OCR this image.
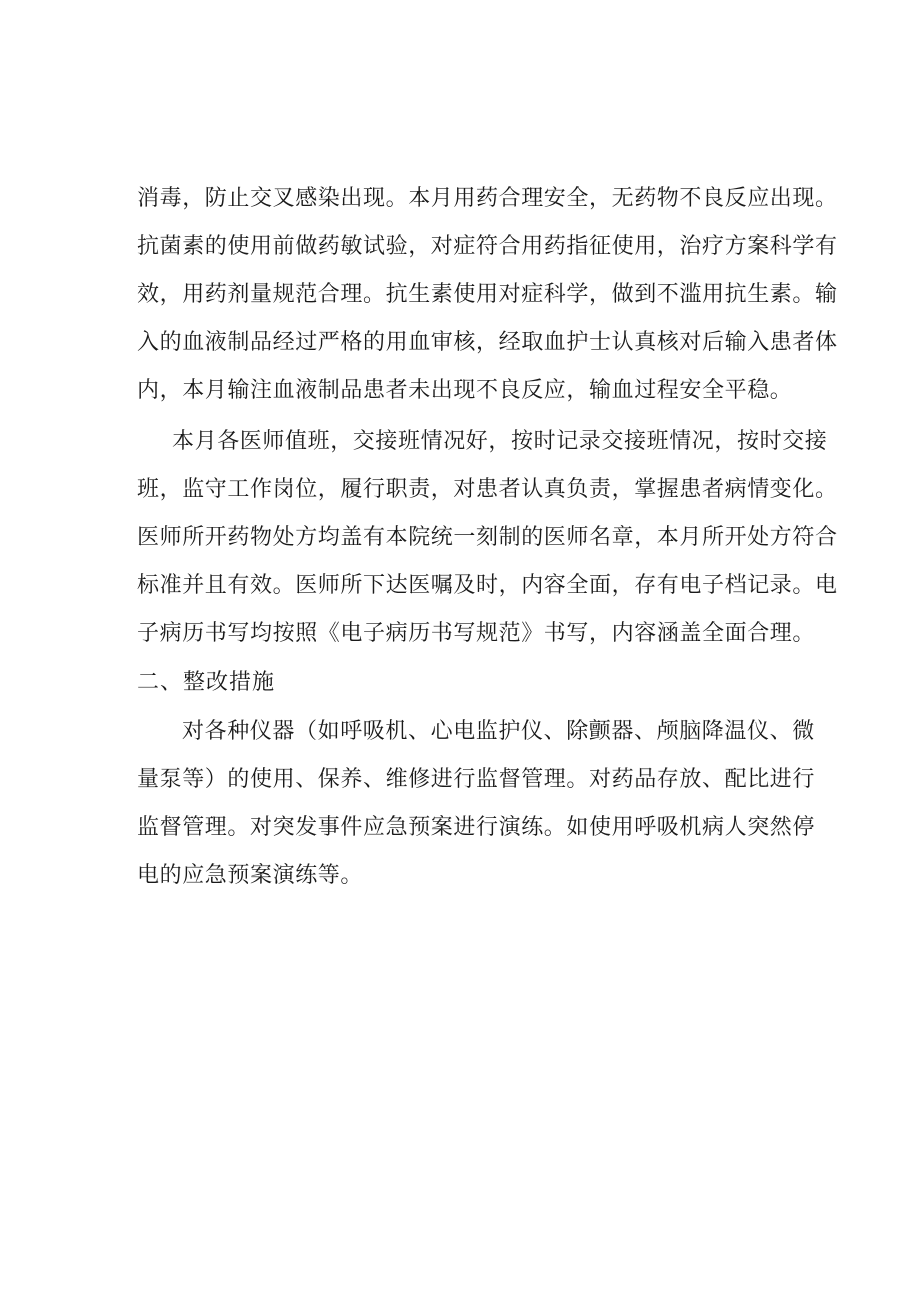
消毒，防止交叉感染出现。本月用药合理安全，无药物不良反应出现。
抗菌素的使用前做药敏试验，对症符合用药指征使用，治疗方案科学有
效，用药剂量规范合理。抗生素使用对症科学，做到不滥用抗生素。输
入的血液制品经过严格的用血审核，经取血护士认真核对后输入患者体
内，本月输注血液制品患者未出现不良反应，输血过程安全平稳。
本月各医师值班，交接班情况好，按时记录交接班情况，按时交接
班，监守工作岗位，履行职责，对患者认真负责，掌握患者病情变化。
医师所开药物处方均盖有本院统一刻制的医师名章，本月所开处方符合
标准并且有效。医师所下达医嘱及时，内容全面，存有电子档记录。电
子病历书写均按照《电子病历书写规范》书写，内容涵盖全面合理。
二、整改措施
对各种仪器（如呼吸机、心电监护仪、除颤器、颅脑降温仪、微
量泵等）的使用、保养、维修进行监督管理。对药品存放、配比进行
监督管理。对突发事件应急预案进行演练。如使用呼吸机病人突然停
电的应急预案演练等。
